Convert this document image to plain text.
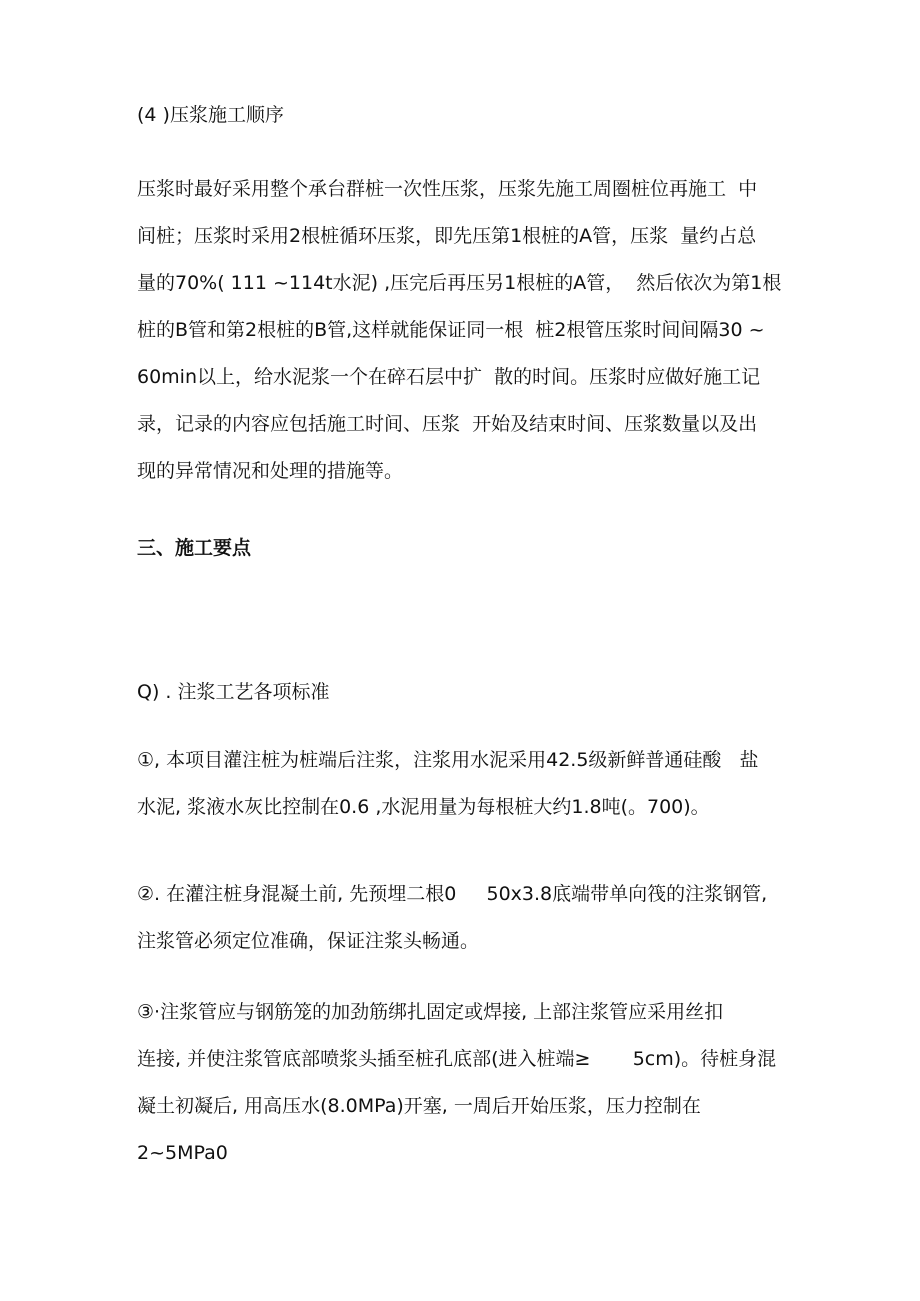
(4 )压浆施工顺序
压浆时最好采用整个承台群桩一次性压浆，压浆先施工周圈桩位再施工  中
间桩；压浆时采用2根桩循环压浆，即先压第1根桩的A管，压浆  量约占总
量的70%( 111 ~114t水泥) ,压完后再压另1根桩的A管，  然后依次为第1根
桩的B管和第2根桩的B管,这样就能保证同一根  桩2根管压浆时间间隔30 ~
60min以上，给水泥浆一个在碎石层中扩  散的时间。压浆时应做好施工记
录，记录的内容应包括施工时间、压浆  开始及结束时间、压浆数量以及出
现的异常情况和处理的措施等。
三、施工要点
Q) . 注浆工艺各项标准
①, 本项目灌注桩为桩端后注浆，注浆用水泥采用42.5级新鲜普通硅酸   盐
水泥, 浆液水灰比控制在0.6 ,水泥用量为每根桩大约1.8吨(。700)。
②. 在灌注桩身混凝土前, 先预埋二根0     50x3.8底端带单向筏的注浆钢管,
注浆管必须定位准确，保证注浆头畅通。
③·注浆管应与钢筋笼的加劲筋绑扎固定或焊接, 上部注浆管应采用丝扣
连接, 并使注浆管底部喷浆头插至桩孔底部(进入桩端≥       5cm)。待桩身混
凝土初凝后, 用高压水(8.0MPa)开塞, 一周后开始压浆，压力控制在
2~5MPa0
